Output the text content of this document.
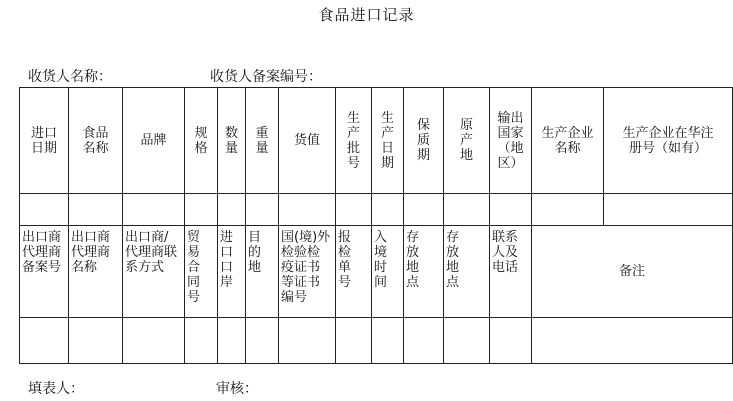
食品进口记录
收货人名称：	收货人备案编号：
进口日期	食品名称	品牌	规格	数量	重量	货值	生产批号	生产日期	保质期	原产地	输出国家（地区）	生产企业名称	生产企业在华注册号（如有）

出口商代理商备案号	出口商代理商名称	出口商/代理商联系方式	贸易合同号	进口口岸	目的地	国(境)外检验检疫证书等证书编号	报检单号	入境时间	存放地点	存放地点	联系人及电话	备注	

填表人：	审核：
